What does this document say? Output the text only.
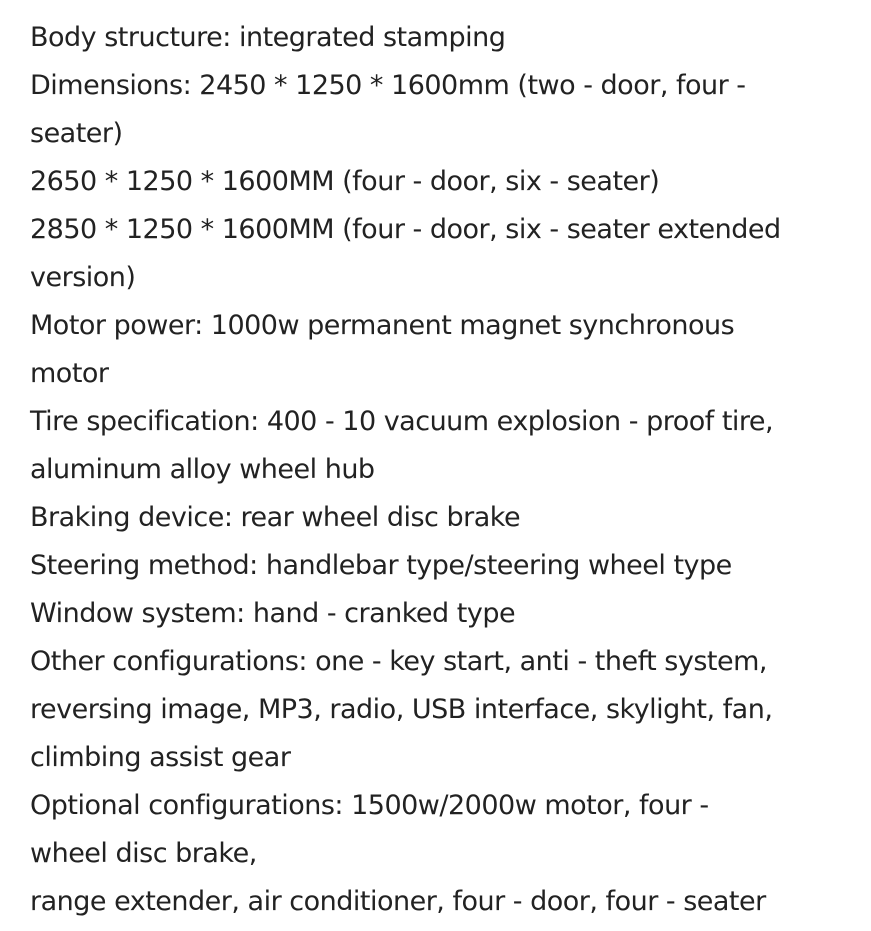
Body structure: integrated stamping
Dimensions: 2450 * 1250 * 1600mm (two - door, four -
seater)
2650 * 1250 * 1600MM (four - door, six - seater)
2850 * 1250 * 1600MM (four - door, six - seater extended
version)
Motor power: 1000w permanent magnet synchronous
motor
Tire specification: 400 - 10 vacuum explosion - proof tire,
aluminum alloy wheel hub
Braking device: rear wheel disc brake
Steering method: handlebar type/steering wheel type
Window system: hand - cranked type
Other configurations: one - key start, anti - theft system,
reversing image, MP3, radio, USB interface, skylight, fan,
climbing assist gear
Optional configurations: 1500w/2000w motor, four -
wheel disc brake,
range extender, air conditioner, four - door, four - seater
